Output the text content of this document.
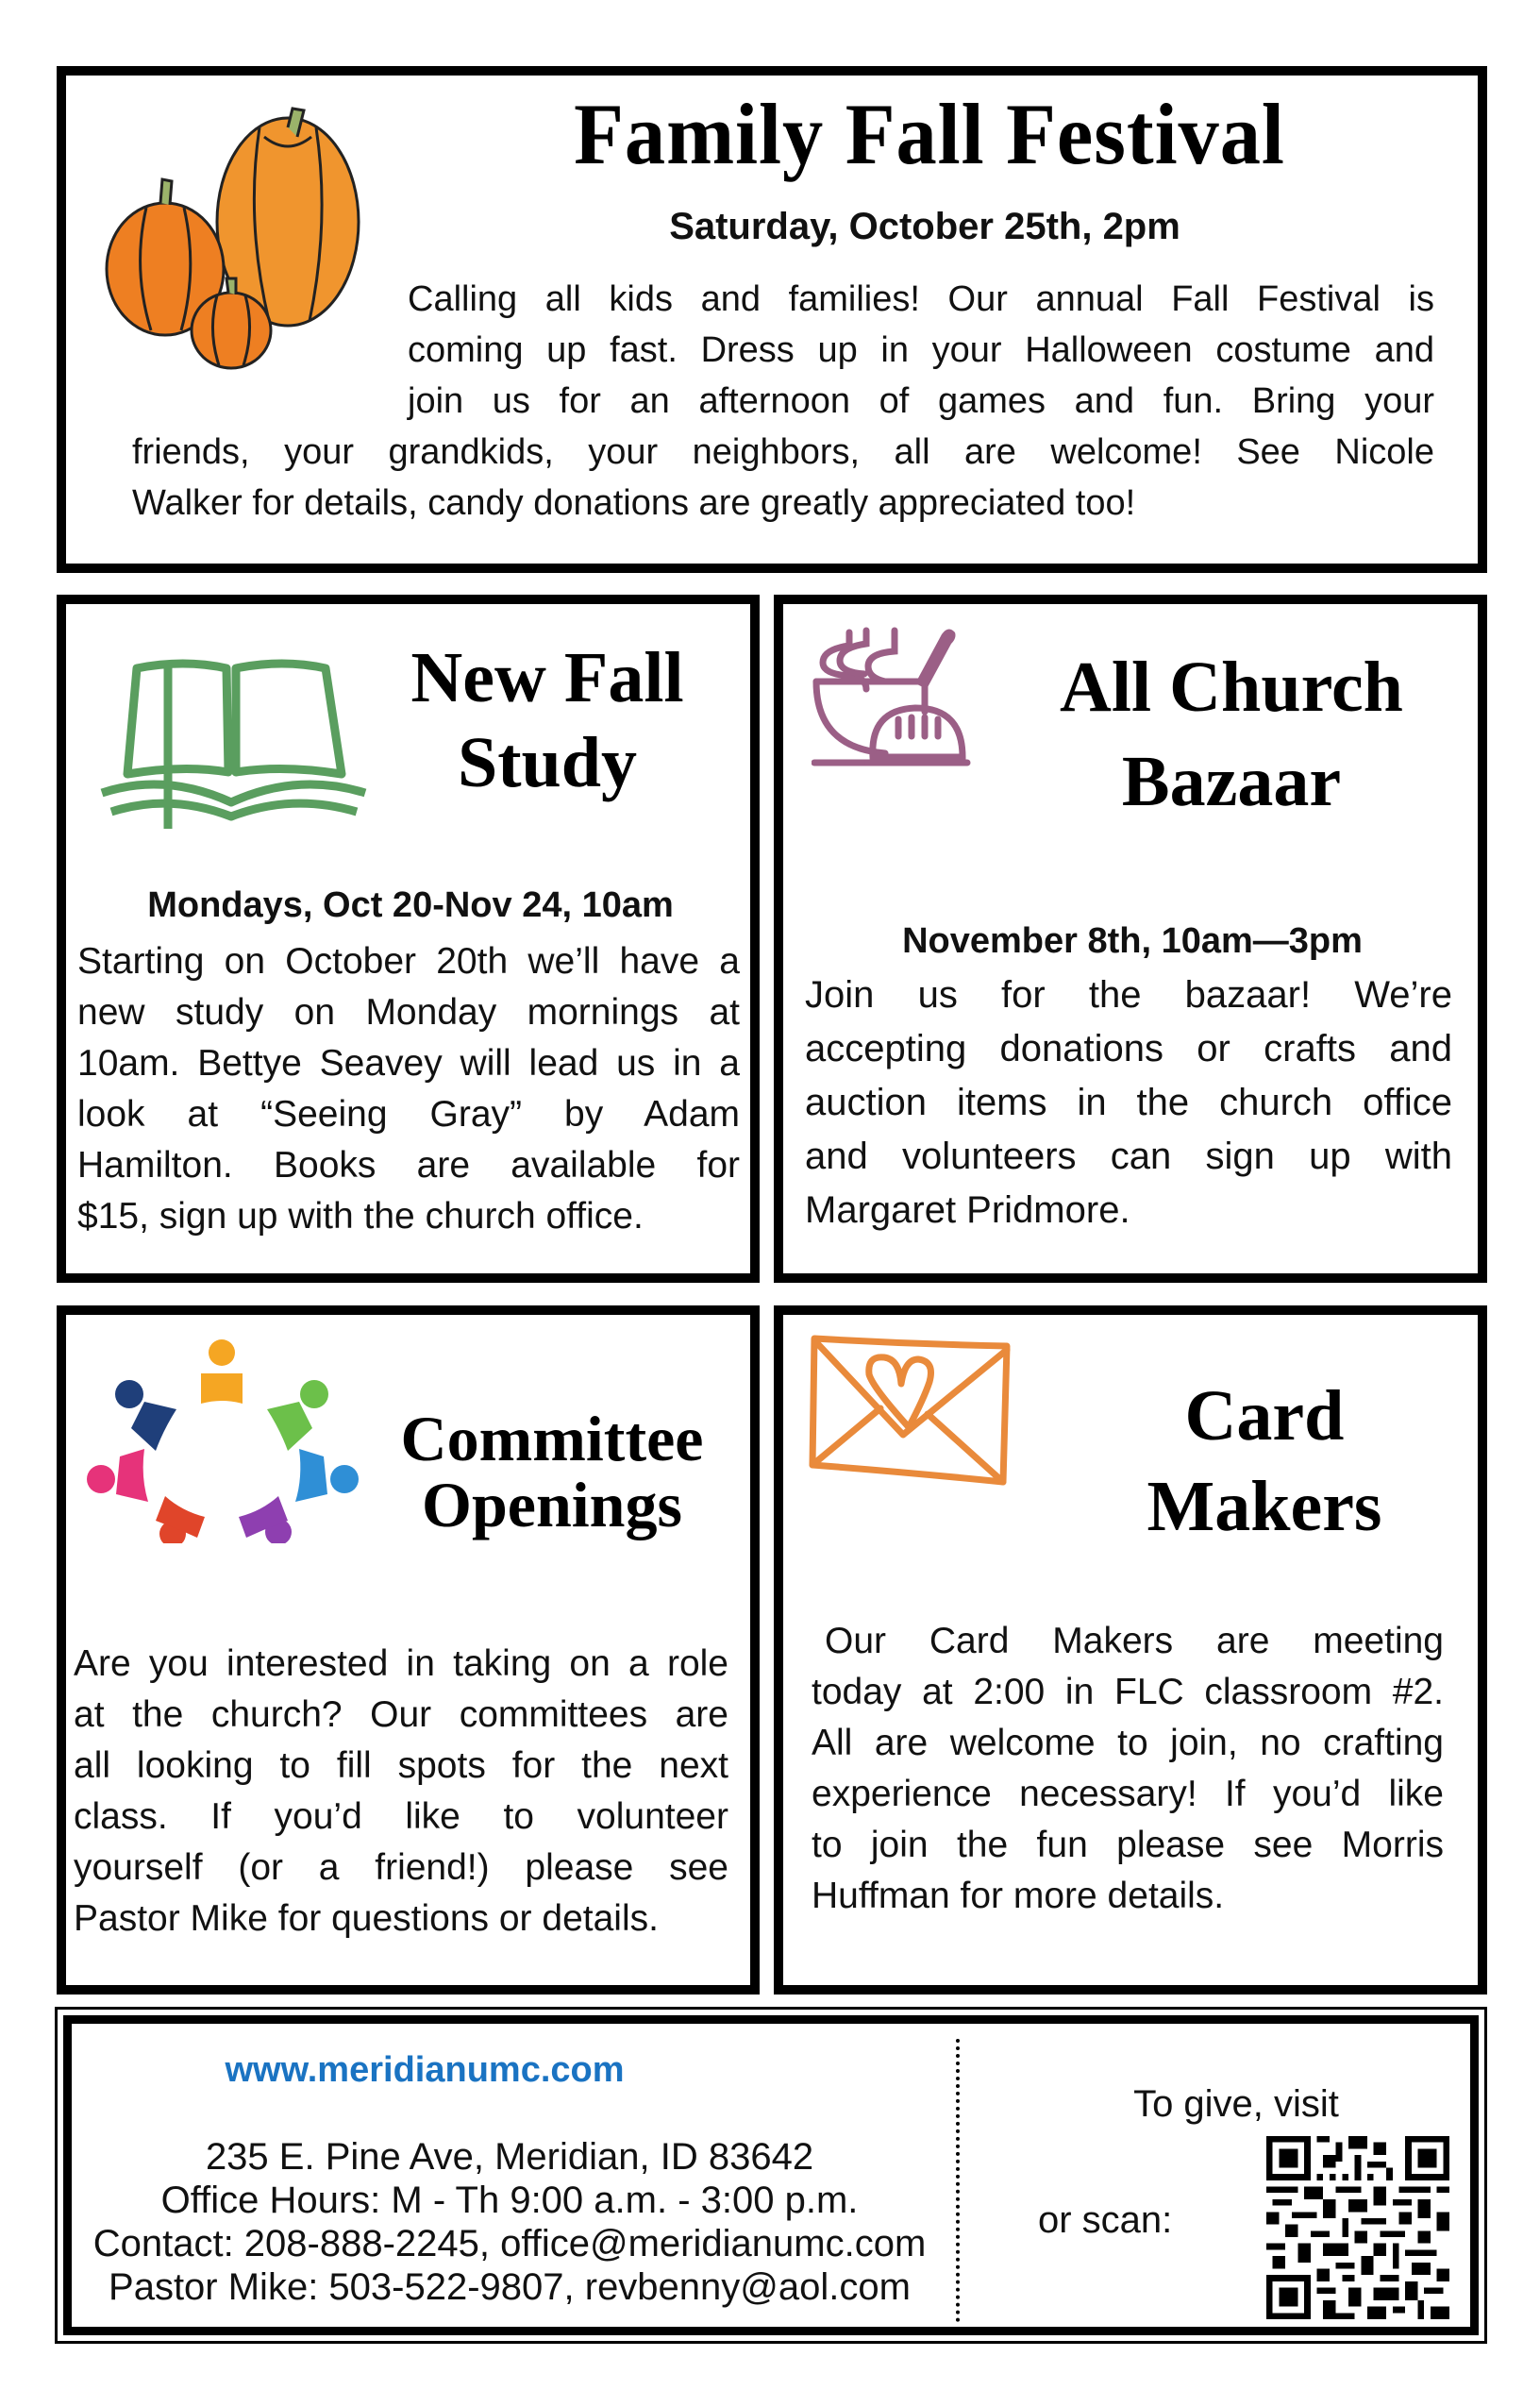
Family Fall Festival
Saturday, October 25th, 2pm
Calling all kids and families! Our annual Fall Festival is
coming up fast. Dress up in your Halloween costume and
join us for an afternoon of games and fun. Bring your
friends, your grandkids, your neighbors, all are welcome! See Nicole
Walker for details, candy donations are greatly appreciated too!
New Fall
Study
Mondays, Oct 20-Nov 24, 10am
Starting on October 20th we’ll have a
new study on Monday mornings at
10am. Bettye Seavey will lead us in a
look at “Seeing Gray” by Adam
Hamilton. Books are available for
$15, sign up with the church office.
All Church
Bazaar
November 8th, 10am—3pm
Join us for the bazaar! We’re
accepting donations or crafts and
auction items in the church office
and volunteers can sign up with
Margaret Pridmore.
Committee
Openings
Are you interested in taking on a role
at the church? Our committees are
all looking to fill spots for the next
class. If you’d like to volunteer
yourself (or a friend!) please see
Pastor Mike for questions or details.
Card
Makers
Our Card Makers are meeting
today at 2:00 in FLC classroom #2.
All are welcome to join, no crafting
experience necessary! If you’d like
to join the fun please see Morris
Huffman for more details.
www.meridianumc.com
235 E. Pine Ave, Meridian, ID 83642
Office Hours: M - Th 9:00 a.m. - 3:00 p.m.
Contact: 208-888-2245, office@meridianumc.com
Pastor Mike: 503-522-9807, revbenny@aol.com
To give, visit
or scan:
